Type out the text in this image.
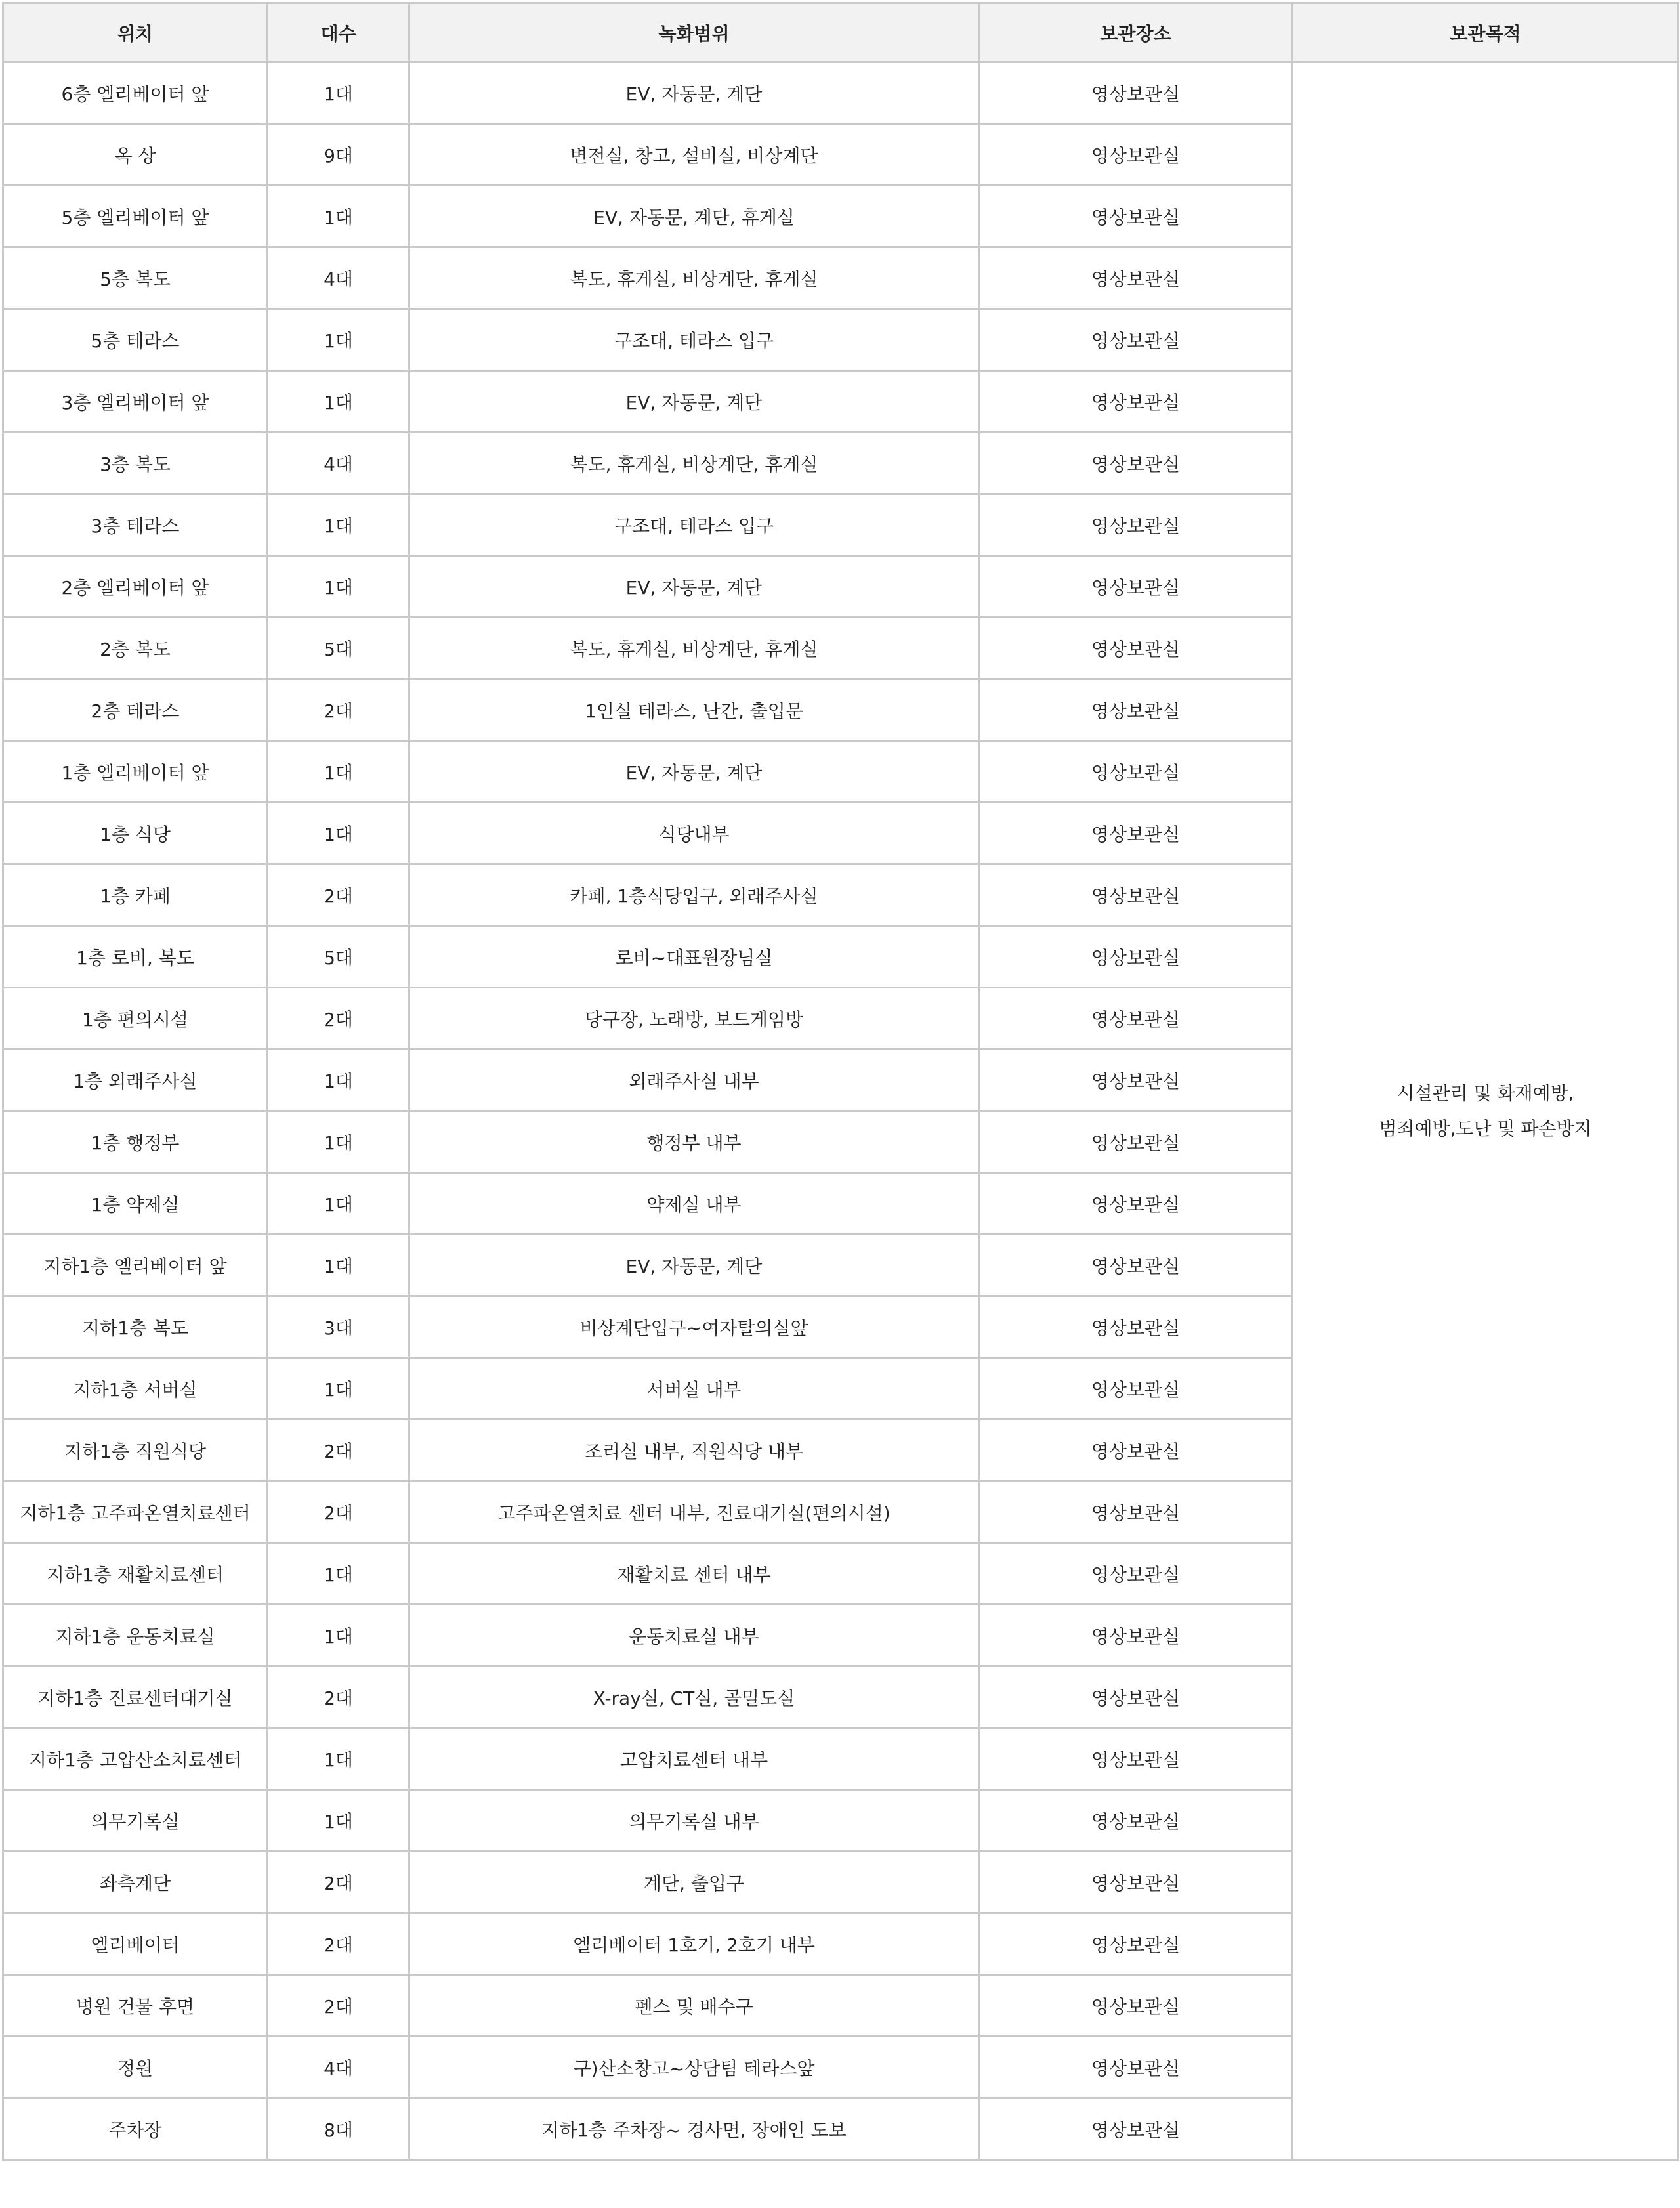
위치	대수	녹화범위	보관장소	보관목적
6층 엘리베이터 앞	1대	EV, 자동문, 계단	영상보관실	시설관리 및 화재예방,
범죄예방,도난 및 파손방지

옥 상	9대	변전실, 창고, 설비실, 비상계단	영상보관실	
5층 엘리베이터 앞	1대	EV, 자동문, 계단, 휴게실	영상보관실	
5층 복도	4대	복도, 휴게실, 비상계단, 휴게실	영상보관실	
5층 테라스	1대	구조대, 테라스 입구	영상보관실	
3층 엘리베이터 앞	1대	EV, 자동문, 계단	영상보관실	
3층 복도	4대	복도, 휴게실, 비상계단, 휴게실	영상보관실	
3층 테라스	1대	구조대, 테라스 입구	영상보관실	
2층 엘리베이터 앞	1대	EV, 자동문, 계단	영상보관실	
2층 복도	5대	복도, 휴게실, 비상계단, 휴게실	영상보관실	
2층 테라스	2대	1인실 테라스, 난간, 출입문	영상보관실	
1층 엘리베이터 앞	1대	EV, 자동문, 계단	영상보관실	
1층 식당	1대	식당내부	영상보관실	
1층 카페	2대	카페, 1층식당입구, 외래주사실	영상보관실	
1층 로비, 복도	5대	로비~대표원장님실	영상보관실	
1층 편의시설	2대	당구장, 노래방, 보드게임방	영상보관실	
1층 외래주사실	1대	외래주사실 내부	영상보관실	
1층 행정부	1대	행정부 내부	영상보관실	
1층 약제실	1대	약제실 내부	영상보관실	
지하1층 엘리베이터 앞	1대	EV, 자동문, 계단	영상보관실	
지하1층 복도	3대	비상계단입구~여자탈의실앞	영상보관실	
지하1층 서버실	1대	서버실 내부	영상보관실	
지하1층 직원식당	2대	조리실 내부, 직원식당 내부	영상보관실	
지하1층 고주파온열치료센터	2대	고주파온열치료 센터 내부, 진료대기실(편의시설)	영상보관실	
지하1층 재활치료센터	1대	재활치료 센터 내부	영상보관실	
지하1층 운동치료실	1대	운동치료실 내부	영상보관실	
지하1층 진료센터대기실	2대	X-ray실, CT실, 골밀도실	영상보관실	
지하1층 고압산소치료센터	1대	고압치료센터 내부	영상보관실	
의무기록실	1대	의무기록실 내부	영상보관실	
좌측계단	2대	계단, 출입구	영상보관실	
엘리베이터	2대	엘리베이터 1호기, 2호기 내부	영상보관실	
병원 건물 후면	2대	펜스 및 배수구	영상보관실	
정원	4대	구)산소창고~상담팀 테라스앞	영상보관실	
주차장	8대	지하1층 주차장~ 경사면, 장애인 도보	영상보관실	
